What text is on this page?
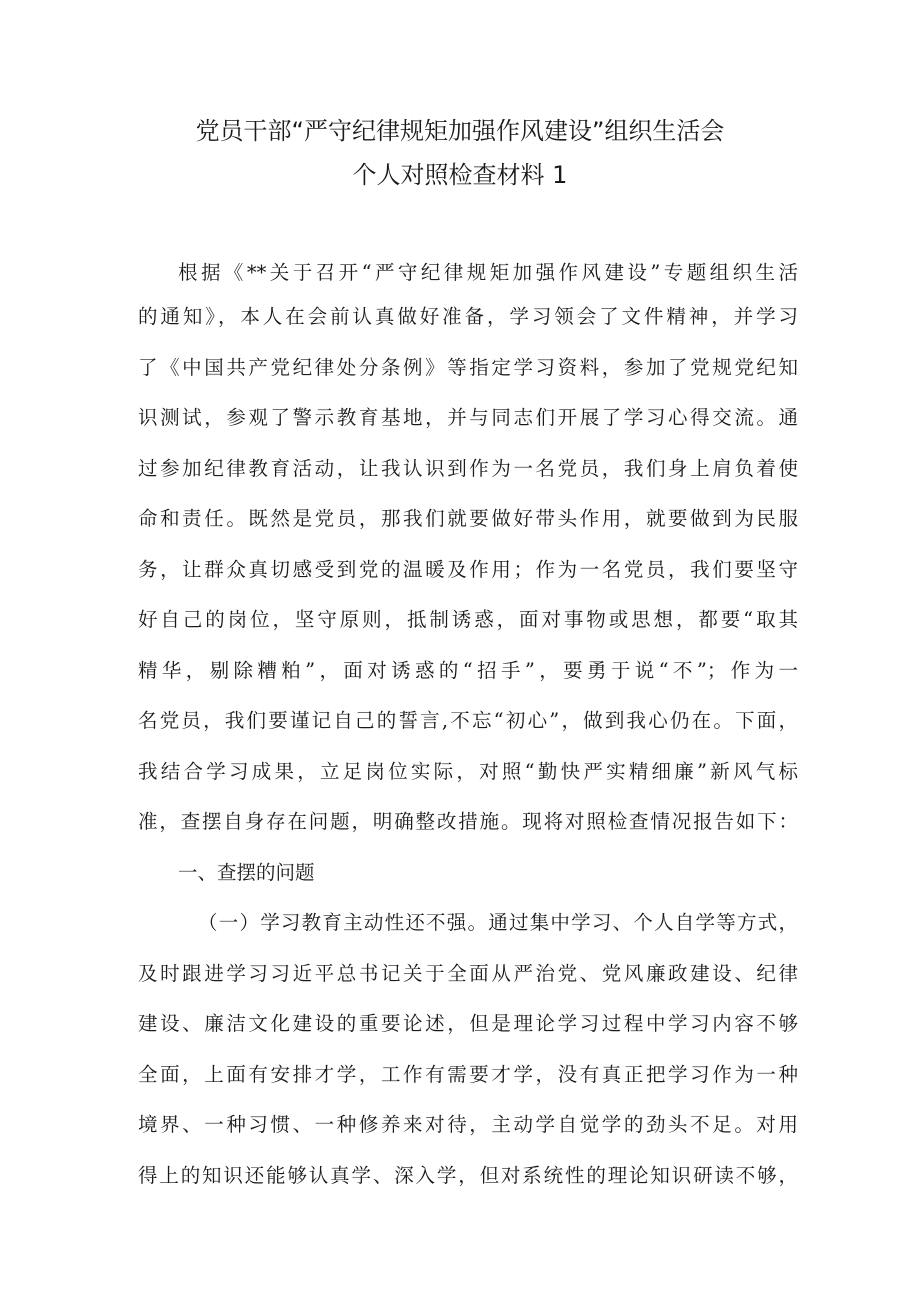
党员干部“严守纪律规矩加强作风建设”组织生活会
个人对照检查材料 1
根据《**关于召开“严守纪律规矩加强作风建设”专题组织生活
的通知》，本人在会前认真做好准备，学习领会了文件精神，并学习
了《中国共产党纪律处分条例》等指定学习资料，参加了党规党纪知
识测试，参观了警示教育基地，并与同志们开展了学习心得交流。通
过参加纪律教育活动，让我认识到作为一名党员，我们身上肩负着使
命和责任。既然是党员，那我们就要做好带头作用，就要做到为民服
务，让群众真切感受到党的温暖及作用；作为一名党员，我们要坚守
好自己的岗位，坚守原则，抵制诱惑，面对事物或思想，都要“取其
精华，剔除糟粕”，面对诱惑的“招手”，要勇于说“不”；作为一
名党员，我们要谨记自己的誓言,不忘“初心”，做到我心仍在。下面，
我结合学习成果，立足岗位实际，对照“勤快严实精细廉”新风气标
准，查摆自身存在问题，明确整改措施。现将对照检查情况报告如下：
一、查摆的问题
（一）学习教育主动性还不强。通过集中学习、个人自学等方式，
及时跟进学习习近平总书记关于全面从严治党、党风廉政建设、纪律
建设、廉洁文化建设的重要论述，但是理论学习过程中学习内容不够
全面，上面有安排才学，工作有需要才学，没有真正把学习作为一种
境界、一种习惯、一种修养来对待，主动学自觉学的劲头不足。对用
得上的知识还能够认真学、深入学，但对系统性的理论知识研读不够，
